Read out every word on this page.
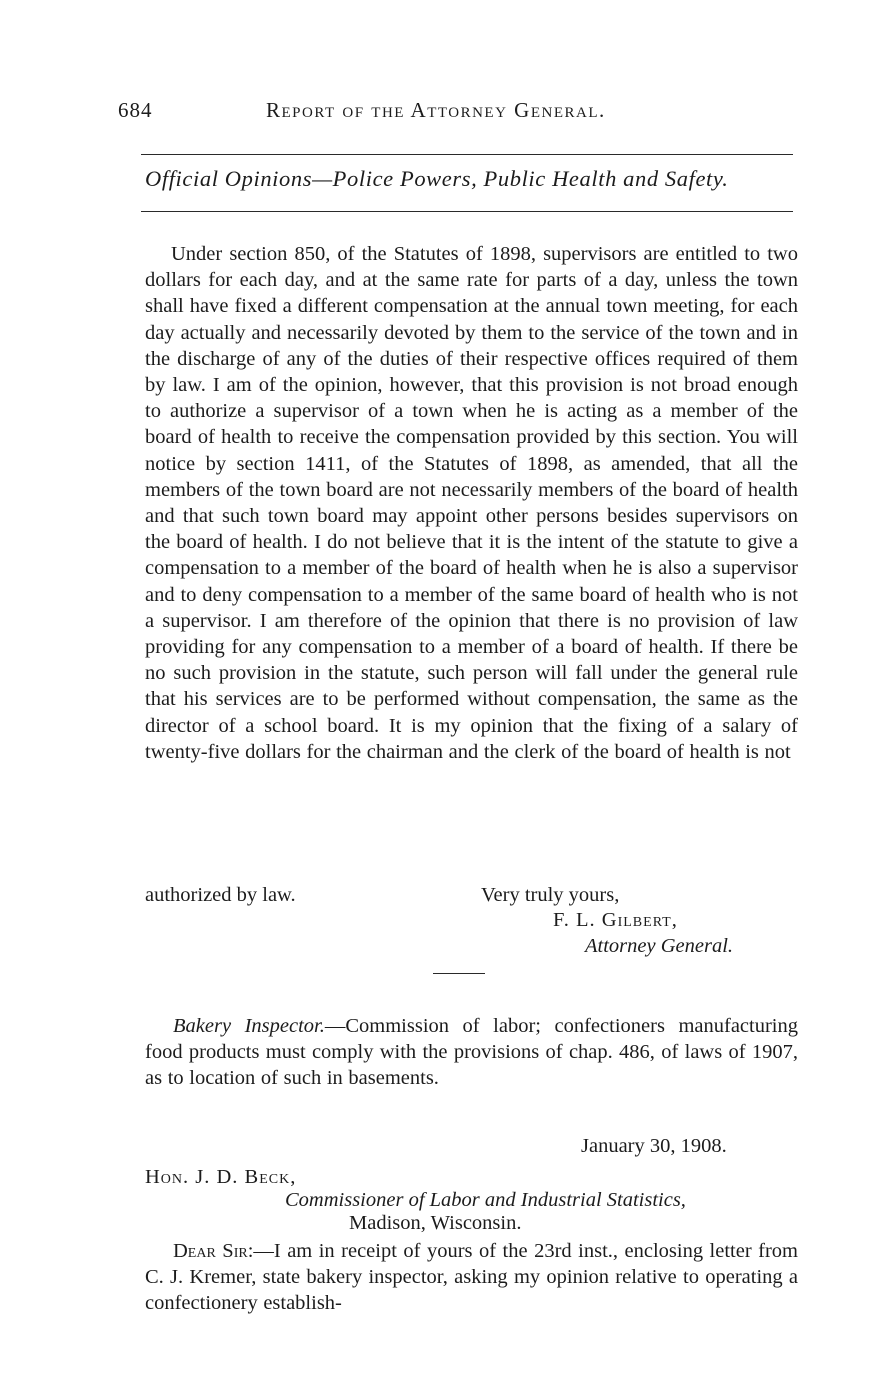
684	Report of the Attorney General.
Official Opinions—Police Powers, Public Health and Safety.
Under section 850, of the Statutes of 1898, supervisors are entitled to two dollars for each day, and at the same rate for parts of a day, unless the town shall have fixed a different compensation at the annual town meeting, for each day actually and necessarily devoted by them to the service of the town and in the discharge of any of the duties of their respective offices required of them by law. I am of the opinion, however, that this provision is not broad enough to authorize a supervisor of a town when he is acting as a member of the board of health to receive the compensation provided by this section. You will notice by section 1411, of the Statutes of 1898, as amended, that all the members of the town board are not necessarily members of the board of health and that such town board may appoint other persons besides supervisors on the board of health. I do not believe that it is the intent of the statute to give a compensation to a member of the board of health when he is also a supervisor and to deny compensation to a member of the same board of health who is not a supervisor. I am therefore of the opinion that there is no provision of law providing for any compensation to a member of a board of health. If there be no such provision in the statute, such person will fall under the general rule that his services are to be performed without compensation, the same as the director of a school board. It is my opinion that the fixing of a salary of twenty-five dollars for the chairman and the clerk of the board of health is not
authorized by law.	Very truly yours,
F. L. Gilbert,
Attorney General.
Bakery Inspector.—Commission of labor; confectioners manufacturing food products must comply with the provisions of chap. 486, of laws of 1907, as to location of such in basements.
January 30, 1908.
Hon. J. D. Beck,
Commissioner of Labor and Industrial Statistics,
Madison, Wisconsin.
Dear Sir:—I am in receipt of yours of the 23rd inst., enclosing letter from C. J. Kremer, state bakery inspector, asking my opinion relative to operating a confectionery establish-
